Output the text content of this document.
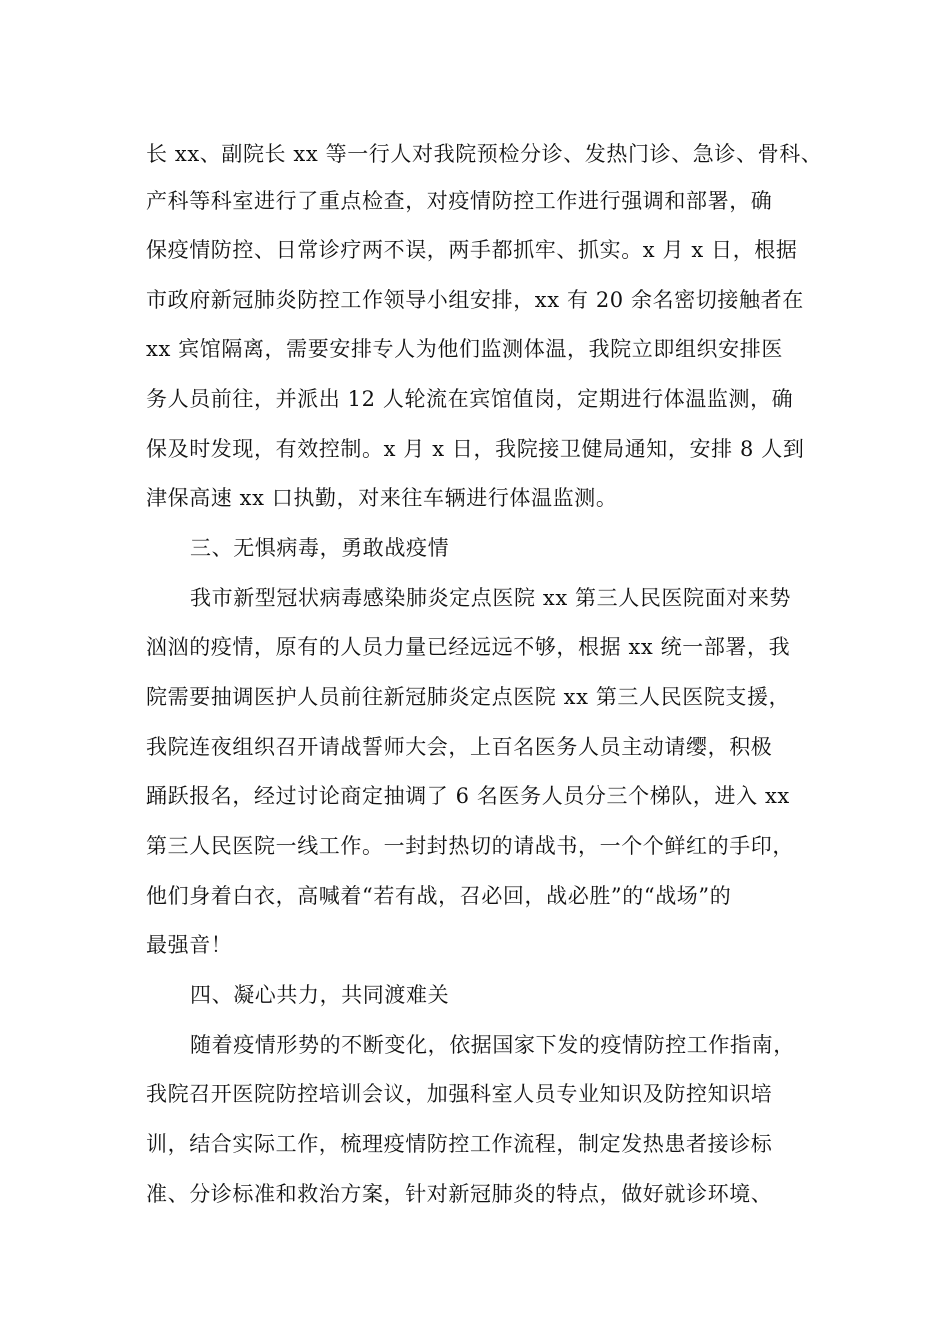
长 xx、副院长 xx 等一行人对我院预检分诊、发热门诊、急诊、骨科、
产科等科室进行了重点检查，对疫情防控工作进行强调和部署，确
保疫情防控、日常诊疗两不误，两手都抓牢、抓实。x 月 x 日，根据
市政府新冠肺炎防控工作领导小组安排，xx 有 20 余名密切接触者在
xx 宾馆隔离，需要安排专人为他们监测体温，我院立即组织安排医
务人员前往，并派出 12 人轮流在宾馆值岗，定期进行体温监测，确
保及时发现，有效控制。x 月 x 日，我院接卫健局通知，安排 8 人到
津保高速 xx 口执勤，对来往车辆进行体温监测。
三、无惧病毒，勇敢战疫情
我市新型冠状病毒感染肺炎定点医院 xx 第三人民医院面对来势
汹汹的疫情，原有的人员力量已经远远不够，根据 xx 统一部署，我
院需要抽调医护人员前往新冠肺炎定点医院 xx 第三人民医院支援，
我院连夜组织召开请战誓师大会，上百名医务人员主动请缨，积极
踊跃报名，经过讨论商定抽调了 6 名医务人员分三个梯队，进入 xx
第三人民医院一线工作。一封封热切的请战书，一个个鲜红的手印，
他们身着白衣，高喊着“若有战，召必回，战必胜”的“战场”的
最强音！
四、凝心共力，共同渡难关
随着疫情形势的不断变化，依据国家下发的疫情防控工作指南，
我院召开医院防控培训会议，加强科室人员专业知识及防控知识培
训，结合实际工作，梳理疫情防控工作流程，制定发热患者接诊标
准、分诊标准和救治方案，针对新冠肺炎的特点，做好就诊环境、
